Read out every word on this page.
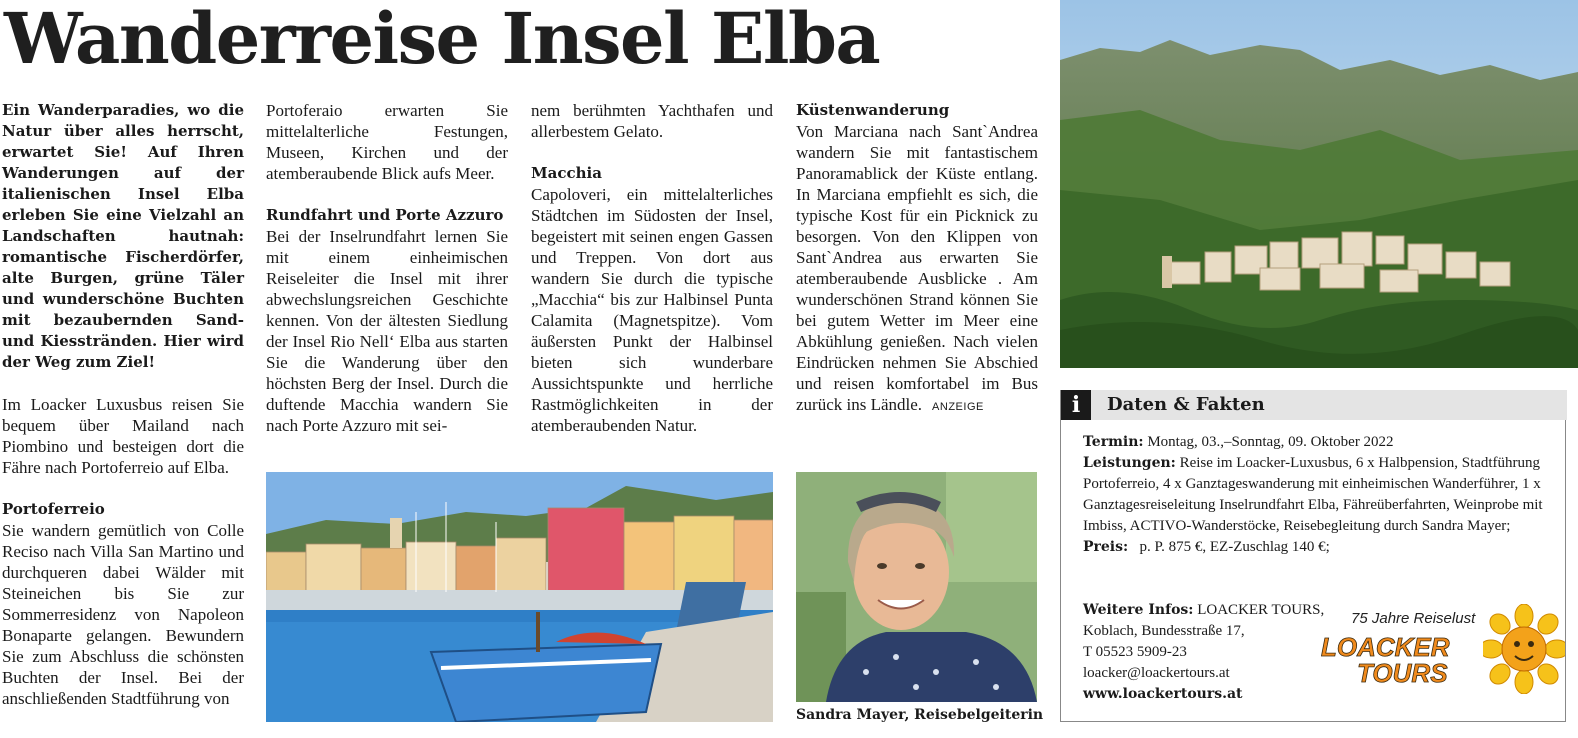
Wanderreise Insel Elba

Ein Wanderparadies, wo die Natur über alles herrscht, erwartet Sie! Auf Ihren Wanderungen auf der italienischen Insel Elba erleben Sie eine Vielzahl an Landschaften hautnah: romantische Fischerdörfer, alte Burgen, grüne Täler und wunderschöne Buchten mit bezaubernden Sand- und Kiesstränden. Hier wird der Weg zum Ziel!

Im Loacker Luxusbus reisen Sie bequem über Mailand nach Piombino und besteigen dort die Fähre nach Portoferreio auf Elba.

Portoferreio

Sie wandern gemütlich von Colle Reciso nach Villa San Martino und durchqueren dabei Wälder mit Steineichen bis Sie zur Sommerresidenz von Napoleon Bonaparte gelangen. Bewundern Sie zum Abschluss die schönsten Buchten der Insel. Bei der anschließenden Stadtführung von

Portoferaio erwarten Sie mittelalterliche Festungen, Museen, Kirchen und der atemberaubende Blick aufs Meer.

Rundfahrt und Porte Azzuro

Bei der Inselrundfahrt lernen Sie mit einem einheimischen Reiseleiter die Insel mit ihrer abwechslungsreichen Geschichte kennen. Von der ältesten Siedlung der Insel Rio Nell‘ Elba aus starten Sie die Wanderung über den höchsten Berg der Insel. Durch die duftende Macchia wandern Sie nach Porte Azzuro mit sei-

nem berühmten Yachthafen und allerbestem Gelato.

Macchia

Capoloveri, ein mittelalterliches Städtchen im Südosten der Insel, begeistert mit seinen engen Gassen und Treppen. Von dort aus wandern Sie durch die typische „Macchia“ bis zur Halbinsel Punta Calamita (Magnetspitze). Vom äußersten Punkt der Halbinsel bieten sich wunderbare Aussichtspunkte und herrliche Rastmöglichkeiten in der atemberaubenden Natur.

Küstenwanderung

Von Marciana nach Sant`Andrea wandern Sie mit fantastischem Panoramablick der Küste entlang. In Marciana empfiehlt es sich, die typische Kost für ein Picknick zu besorgen. Von den Klippen von Sant`Andrea aus erwarten Sie atemberaubende Ausblicke . Am wunderschönen Strand können Sie bei gutem Wetter im Meer eine Abkühlung genießen. Nach vielen Eindrücken nehmen Sie Abschied und reisen komfortabel im Bus zurück ins Ländle. ANZEIGE

Sandra Mayer, Reisebelgeiterin
i	Daten & Fakten

Termin: Montag, 03.,–Sonntag, 09. Oktober 2022

Leistungen: Reise im Loacker-Luxusbus, 6 x Halbpension, Stadtführung Portoferreio, 4 x Ganztageswanderung mit einheimischen Wanderführer, 1 x Ganztagesreiseleitung Inselrundfahrt Elba, Fähreüberfahrten, Weinprobe mit Imbiss, ACTIVO-Wanderstöcke, Reisebegleitung durch Sandra Mayer;

Preis: p. P. 875 €, EZ-Zuschlag 140 €;

Weitere Infos: LOACKER TOURS,

Koblach, Bundesstraße 17,

T 05523 5909-23

loacker@loackertours.at

www.loackertours.at

75 Jahre Reiselust
LOACKER
TOURS
